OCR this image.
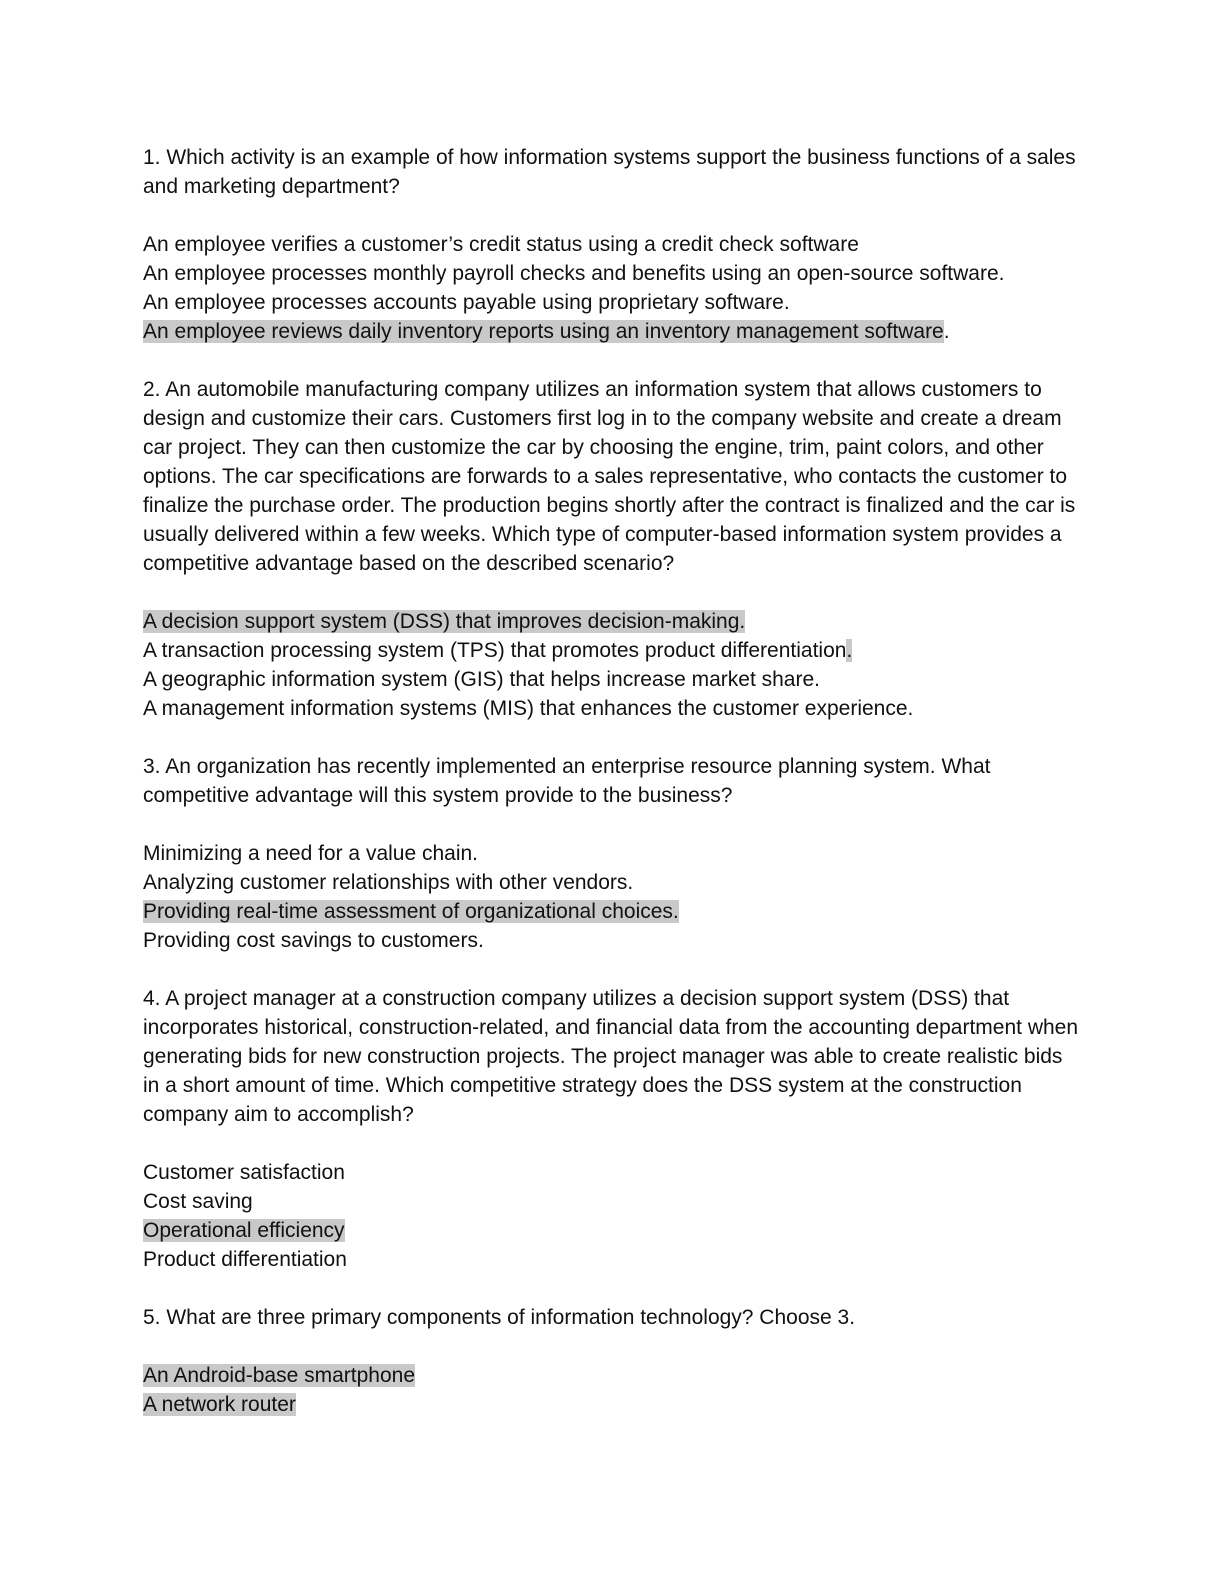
1. Which activity is an example of how information systems support the business functions of a sales and marketing department?

An employee verifies a customer’s credit status using a credit check software
An employee processes monthly payroll checks and benefits using an open-source software.
An employee processes accounts payable using proprietary software.
An employee reviews daily inventory reports using an inventory management software.

2. An automobile manufacturing company utilizes an information system that allows customers to design and customize their cars. Customers first log in to the company website and create a dream car project. They can then customize the car by choosing the engine, trim, paint colors, and other options. The car specifications are forwards to a sales representative, who contacts the customer to finalize the purchase order. The production begins shortly after the contract is finalized and the car is usually delivered within a few weeks. Which type of computer-based information system provides a competitive advantage based on the described scenario?

A decision support system (DSS) that improves decision-making.
A transaction processing system (TPS) that promotes product differentiation.
A geographic information system (GIS) that helps increase market share.
A management information systems (MIS) that enhances the customer experience.

3. An organization has recently implemented an enterprise resource planning system. What competitive advantage will this system provide to the business?

Minimizing a need for a value chain.
Analyzing customer relationships with other vendors.
Providing real-time assessment of organizational choices.
Providing cost savings to customers.

4. A project manager at a construction company utilizes a decision support system (DSS) that incorporates historical, construction-related, and financial data from the accounting department when generating bids for new construction projects. The project manager was able to create realistic bids in a short amount of time. Which competitive strategy does the DSS system at the construction company aim to accomplish?

Customer satisfaction
Cost saving
Operational efficiency
Product differentiation

5. What are three primary components of information technology? Choose 3.

An Android-base smartphone
A network router
